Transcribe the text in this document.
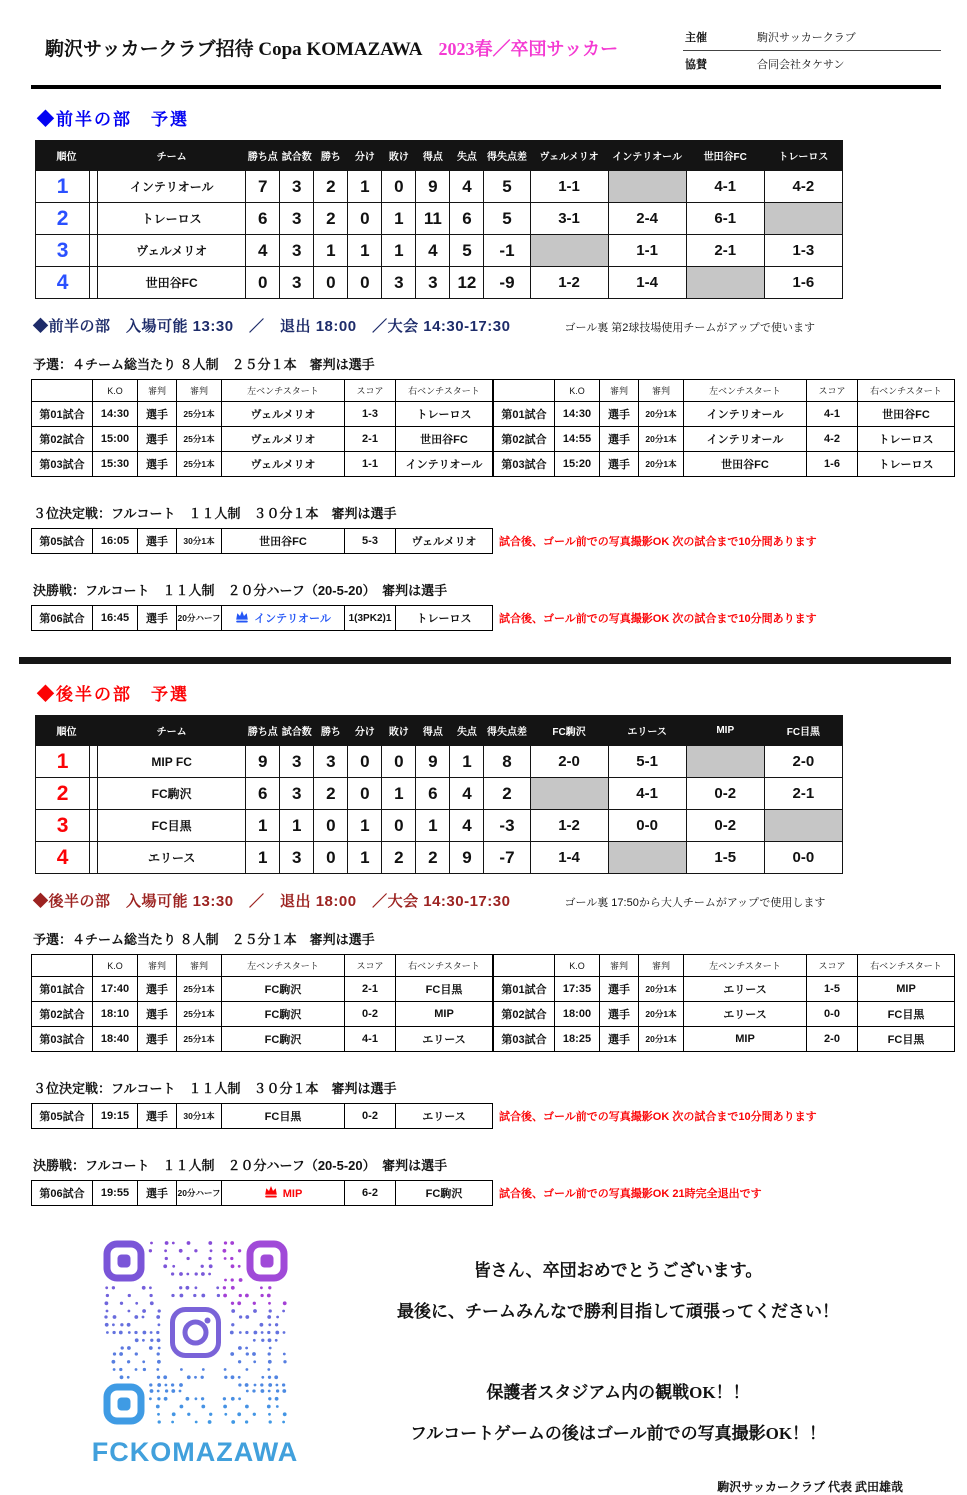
駒沢サッカークラブ招待 Copa KOMAZAWA 2023春／卒団サッカー
主催	駒沢サッカークラブ
協賛	合同会社タケサン
◆前半の部　予選
順位		チーム	勝ち点	試合数	勝ち	分け	敗け	得点	失点	得失点差	ヴェルメリオ	インテリオール	世田谷FC	トレーロス
1		インテリオール	7	3	2	1	0	9	4	5	1-1		4-1	4-2
2		トレーロス	6	3	2	0	1	11	6	5	3-1	2-4	6-1	
3		ヴェルメリオ	4	3	1	1	1	4	5	-1		1-1	2-1	1-3
4		世田谷FC	0	3	0	0	3	3	12	-9	1-2	1-4		1-6
◆前半の部　入場可能 13:30　／　退出 18:00　／大会 14:30-17:30	ゴール裏 第2球技場使用チームがアップで使います
予選：４チーム総当たり ８人制　２５分１本　審判は選手
	K.O	審判	審判	左ベンチスタート	スコア	右ベンチスタート
第01試合	14:30	選手	25分1本	ヴェルメリオ	1-3	トレーロス
第02試合	15:00	選手	25分1本	ヴェルメリオ	2-1	世田谷FC
第03試合	15:30	選手	25分1本	ヴェルメリオ	1-1	インテリオール
	K.O	審判	審判	左ベンチスタート	スコア	右ベンチスタート
第01試合	14:30	選手	20分1本	インテリオール	4-1	世田谷FC
第02試合	14:55	選手	20分1本	インテリオール	4-2	トレーロス
第03試合	15:20	選手	20分1本	世田谷FC	1-6	トレーロス
３位決定戦：フルコート　１１人制　３０分１本　審判は選手
第05試合	16:05	選手	30分1本	世田谷FC	5-3	ヴェルメリオ 試合後、ゴール前での写真撮影OK 次の試合まで10分間あります
決勝戦：フルコート　１１人制　２０分ハーフ（20-5-20）　審判は選手
第06試合	16:45	選手	20分ハーフ	インテリオール	1(3PK2)1	トレーロス	試合後、ゴール前での写真撮影OK 次の試合まで10分間あります
◆後半の部　予選
順位		チーム	勝ち点	試合数	勝ち	分け	敗け	得点	失点	得失点差	FC駒沢	エリース	MIP	FC目黒
1		MIP FC	9	3	3	0	0	9	1	8	2-0	5-1		2-0
2		FC駒沢	6	3	2	0	1	6	4	2		4-1	0-2	2-1
3		FC目黒	1	1	0	1	0	1	4	-3	1-2	0-0	0-2	
4		エリース	1	3	0	1	2	2	9	-7	1-4		1-5	0-0
◆後半の部　入場可能 13:30　／　退出 18:00　／大会 14:30-17:30	ゴール裏 17:50から大人チームがアップで使用します
予選：４チーム総当たり ８人制　２５分１本　審判は選手
	K.O	審判	審判	左ベンチスタート	スコア	右ベンチスタート
第01試合	17:40	選手	25分1本	FC駒沢	2-1	FC目黒
第02試合	18:10	選手	25分1本	FC駒沢	0-2	MIP
第03試合	18:40	選手	25分1本	FC駒沢	4-1	エリース
	K.O	審判	審判	左ベンチスタート	スコア	右ベンチスタート
第01試合	17:35	選手	20分1本	エリース	1-5	MIP
第02試合	18:00	選手	20分1本	エリース	0-0	FC目黒
第03試合	18:25	選手	20分1本	MIP	2-0	FC目黒
３位決定戦：フルコート　１１人制　３０分１本　審判は選手
第05試合	19:15	選手	30分1本	FC目黒	0-2	エリース	試合後、ゴール前での写真撮影OK 次の試合まで10分間あります
決勝戦：フルコート　１１人制　２０分ハーフ（20-5-20）　審判は選手
第06試合	19:55	選手	20分ハーフ	MIP	6-2	FC駒沢	試合後、ゴール前での写真撮影OK 21時完全退出です
FCKOMAZAWA

皆さん、卒団おめでとうございます。

最後に、チームみんなで勝利目指して頑張ってください！

保護者スタジアム内の観戦OK！！

フルコートゲームの後はゴール前での写真撮影OK！！

駒沢サッカークラブ 代表 武田雄哉
